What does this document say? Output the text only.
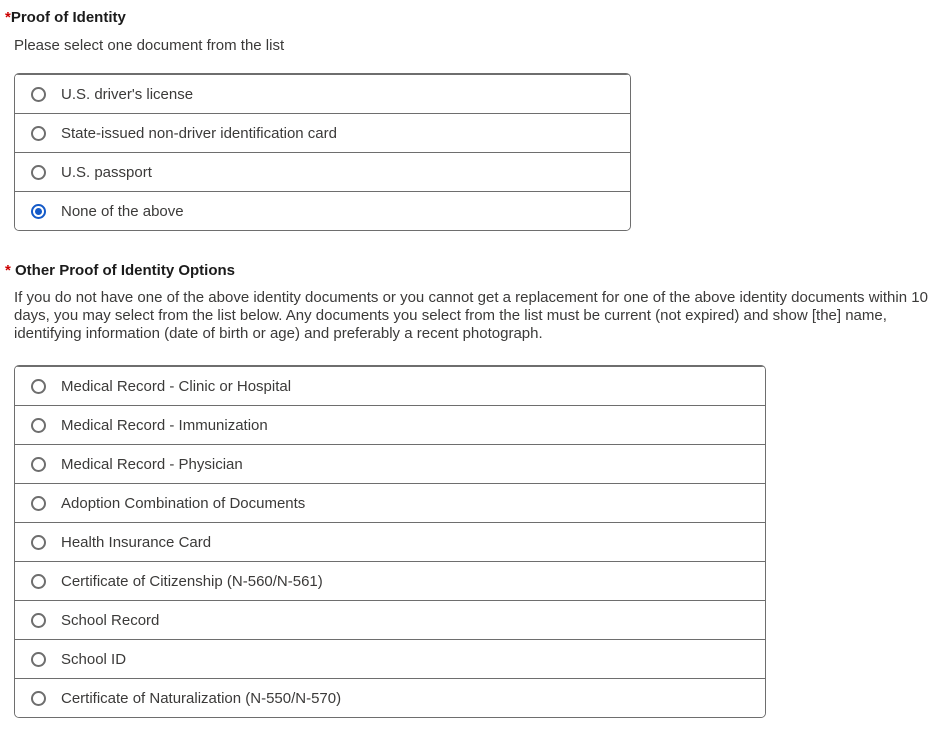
*Proof of Identity

Please select one document from the list

U.S. driver's license
State-issued non-driver identification card
U.S. passport
None of the above
* Other Proof of Identity Options

If you do not have one of the above identity documents or you cannot get a replacement for one of the above identity documents within 10 days, you may select from the list below. Any documents you select from the list must be current (not expired) and show [the] name, identifying information (date of birth or age) and preferably a recent photograph.

Medical Record - Clinic or Hospital
Medical Record - Immunization
Medical Record - Physician
Adoption Combination of Documents
Health Insurance Card
Certificate of Citizenship (N-560/N-561)
School Record
School ID
Certificate of Naturalization (N-550/N-570)
